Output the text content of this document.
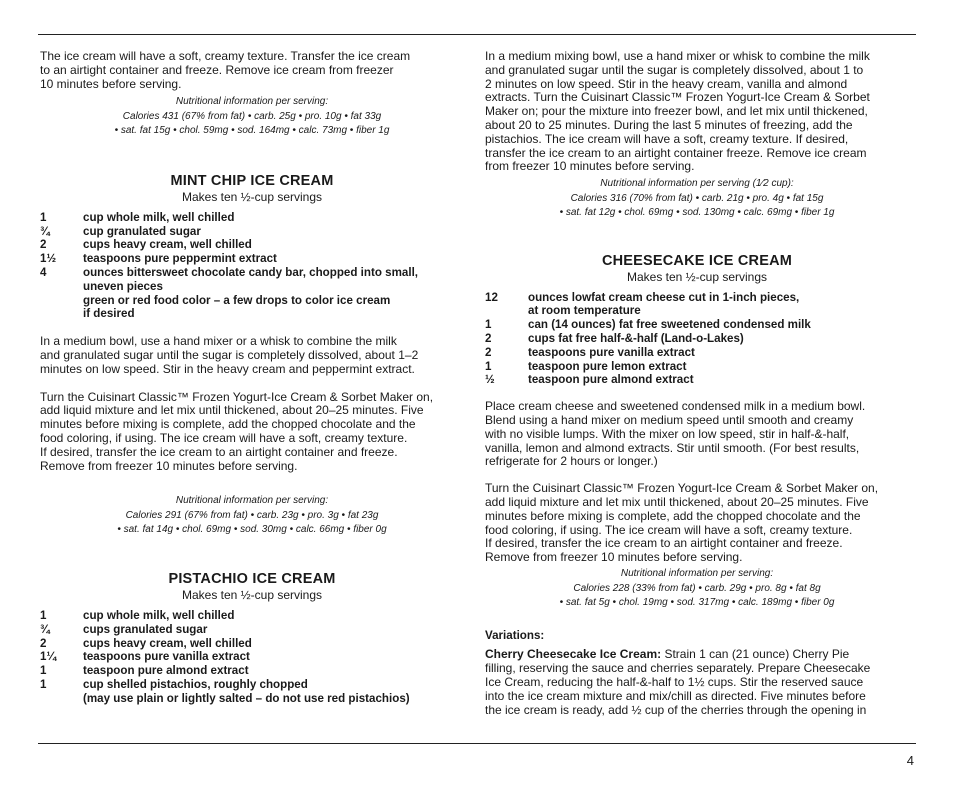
The ice cream will have a soft, creamy texture. Transfer the ice cream
to an airtight container and freeze. Remove ice cream from freezer
10 minutes before serving.

Nutritional information per serving:
Calories 431 (67% from fat) • carb. 25g • pro. 10g • fat 33g
• sat. fat 15g • chol. 59mg • sod. 164mg • calc. 73mg • fiber 1g
MINT CHIP ICE CREAM
Makes ten ½-cup servings
1	cup whole milk, well chilled
¾	cup granulated sugar
2	cups heavy cream, well chilled
1½	teaspoons pure peppermint extract
4	ounces bittersweet chocolate candy bar, chopped into small,
uneven pieces
green or red food color – a few drops to color ice cream
if desired

In a medium bowl, use a hand mixer or a whisk to combine the milk
and granulated sugar until the sugar is completely dissolved, about 1–2
minutes on low speed. Stir in the heavy cream and peppermint extract.

Turn the Cuisinart Classic™ Frozen Yogurt-Ice Cream & Sorbet Maker on,
add liquid mixture and let mix until thickened, about 20–25 minutes. Five
minutes before mixing is complete, add the chopped chocolate and the
food coloring, if using. The ice cream will have a soft, creamy texture.
If desired, transfer the ice cream to an airtight container and freeze.
Remove from freezer 10 minutes before serving.

Nutritional information per serving:
Calories 291 (67% from fat) • carb. 23g • pro. 3g • fat 23g
• sat. fat 14g • chol. 69mg • sod. 30mg • calc. 66mg • fiber 0g
PISTACHIO ICE CREAM
Makes ten ½-cup servings
1	cup whole milk, well chilled
¾	cups granulated sugar
2	cups heavy cream, well chilled
1¼	teaspoons pure vanilla extract
1	teaspoon pure almond extract
1	cup shelled pistachios, roughly chopped
(may use plain or lightly salted – do not use red pistachios)

In a medium mixing bowl, use a hand mixer or whisk to combine the milk
and granulated sugar until the sugar is completely dissolved, about 1 to
2 minutes on low speed. Stir in the heavy cream, vanilla and almond
extracts. Turn the Cuisinart Classic™ Frozen Yogurt-Ice Cream & Sorbet
Maker on; pour the mixture into freezer bowl, and let mix until thickened,
about 20 to 25 minutes. During the last 5 minutes of freezing, add the
pistachios. The ice cream will have a soft, creamy texture. If desired,
transfer the ice cream to an airtight container freeze. Remove ice cream
from freezer 10 minutes before serving.

Nutritional information per serving (1⁄2 cup):
Calories 316 (70% from fat) • carb. 21g • pro. 4g • fat 15g
• sat. fat 12g • chol. 69mg • sod. 130mg • calc. 69mg • fiber 1g
CHEESECAKE ICE CREAM
Makes ten ½-cup servings
12	ounces lowfat cream cheese cut in 1-inch pieces,
at room temperature
1	can (14 ounces) fat free sweetened condensed milk
2	cups fat free half-&-half (Land-o-Lakes)
2	teaspoons pure vanilla extract
1	teaspoon pure lemon extract
½	teaspoon pure almond extract

Place cream cheese and sweetened condensed milk in a medium bowl.
Blend using a hand mixer on medium speed until smooth and creamy
with no visible lumps. With the mixer on low speed, stir in half-&-half,
vanilla, lemon and almond extracts. Stir until smooth. (For best results,
refrigerate for 2 hours or longer.)

Turn the Cuisinart Classic™ Frozen Yogurt-Ice Cream & Sorbet Maker on,
add liquid mixture and let mix until thickened, about 20–25 minutes. Five
minutes before mixing is complete, add the chopped chocolate and the
food coloring, if using. The ice cream will have a soft, creamy texture.
If desired, transfer the ice cream to an airtight container and freeze.
Remove from freezer 10 minutes before serving.

Nutritional information per serving:
Calories 228 (33% from fat) • carb. 29g • pro. 8g • fat 8g
• sat. fat 5g • chol. 19mg • sod. 317mg • calc. 189mg • fiber 0g
Variations:

Cherry Cheesecake Ice Cream: Strain 1 can (21 ounce) Cherry Pie
filling, reserving the sauce and cherries separately. Prepare Cheesecake
Ice Cream, reducing the half-&-half to 1½ cups. Stir the reserved sauce
into the ice cream mixture and mix/chill as directed. Five minutes before
the ice cream is ready, add ½ cup of the cherries through the opening in

4
